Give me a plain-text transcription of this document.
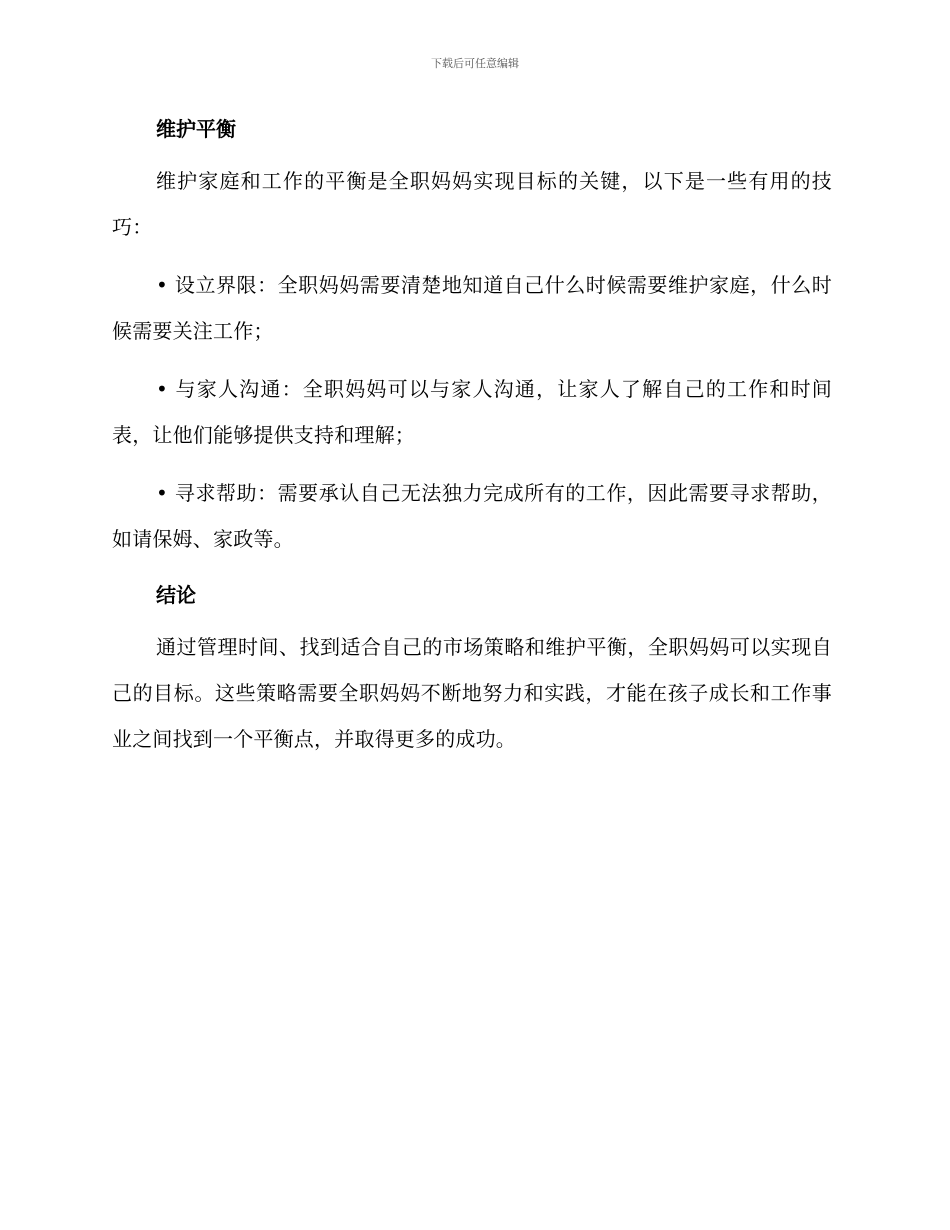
下载后可任意编辑
维护平衡

维护家庭和工作的平衡是全职妈妈实现目标的关键，以下是一些有用的技巧：

• 设立界限：全职妈妈需要清楚地知道自己什么时候需要维护家庭，什么时候需要关注工作；

• 与家人沟通：全职妈妈可以与家人沟通，让家人了解自己的工作和时间表，让他们能够提供支持和理解；

• 寻求帮助：需要承认自己无法独力完成所有的工作，因此需要寻求帮助，如请保姆、家政等。

结论

通过管理时间、找到适合自己的市场策略和维护平衡，全职妈妈可以实现自己的目标。这些策略需要全职妈妈不断地努力和实践，才能在孩子成长和工作事业之间找到一个平衡点，并取得更多的成功。
